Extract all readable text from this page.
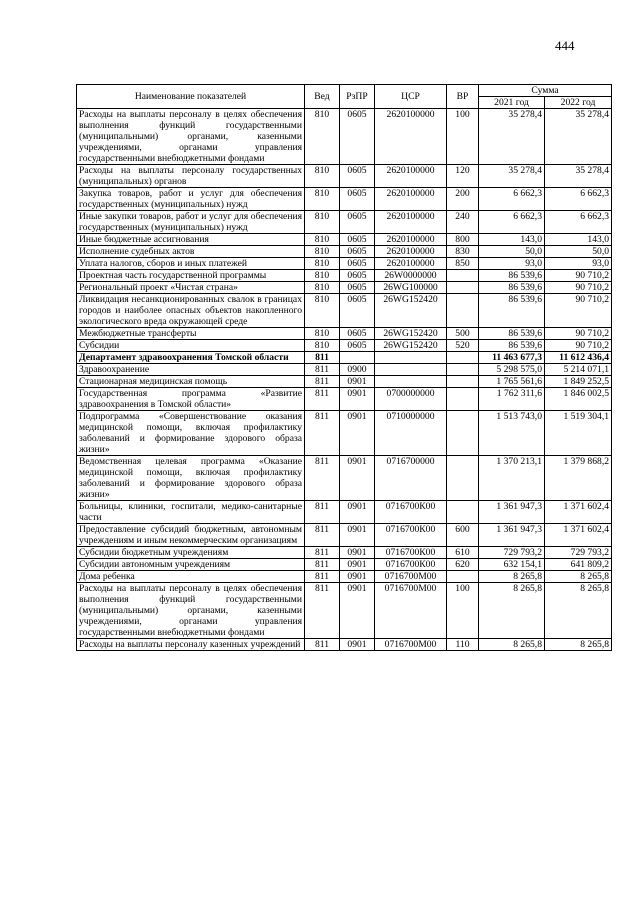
444
Наименование показателей	Вед	РзПР	ЦСР	ВР	Сумма	
					2021 год	2022 год
Расходы на выплаты персоналу в целях обеспечения выполнения функций государственными (муниципальными) органами, казенными учреждениями, органами управления государственными внебюджетными фондами	810	0605	2620100000	100	35 278,4	35 278,4
Расходы на выплаты персоналу государственных (муниципальных) органов	810	0605	2620100000	120	35 278,4	35 278,4
Закупка товаров, работ и услуг для обеспечения государственных (муниципальных) нужд	810	0605	2620100000	200	6 662,3	6 662,3
Иные закупки товаров, работ и услуг для обеспечения государственных (муниципальных) нужд	810	0605	2620100000	240	6 662,3	6 662,3
Иные бюджетные ассигнования	810	0605	2620100000	800	143,0	143,0
Исполнение судебных актов	810	0605	2620100000	830	50,0	50,0
Уплата налогов, сборов и иных платежей	810	0605	2620100000	850	93,0	93,0
Проектная часть государственной программы	810	0605	26W0000000		86 539,6	90 710,2
Региональный проект «Чистая страна»	810	0605	26WG100000		86 539,6	90 710,2
Ликвидация несанкционированных свалок в границах городов и наиболее опасных объектов накопленного экологического вреда окружающей среде	810	0605	26WG152420		86 539,6	90 710,2
Межбюджетные трансферты	810	0605	26WG152420	500	86 539,6	90 710,2
Субсидии	810	0605	26WG152420	520	86 539,6	90 710,2
Департамент здравоохранения Томской области	811				11 463 677,3	11 612 436,4
Здравоохранение	811	0900			5 298 575,0	5 214 071,1
Стационарная медицинская помощь	811	0901			1 765 561,6	1 849 252,5
Государственная программа «Развитие здравоохранения в Томской области»	811	0901	0700000000		1 762 311,6	1 846 002,5
Подпрограмма «Совершенствование оказания медицинской помощи, включая профилактику заболеваний и формирование здорового образа жизни»	811	0901	0710000000		1 513 743,0	1 519 304,1
Ведомственная целевая программа «Оказание медицинской помощи, включая профилактику заболеваний и формирование здорового образа жизни»	811	0901	0716700000		1 370 213,1	1 379 868,2
Больницы, клиники, госпитали, медико-санитарные части	811	0901	0716700К00		1 361 947,3	1 371 602,4
Предоставление субсидий бюджетным, автономным учреждениям и иным некоммерческим организациям	811	0901	0716700К00	600	1 361 947,3	1 371 602,4
Субсидии бюджетным учреждениям	811	0901	0716700К00	610	729 793,2	729 793,2
Субсидии автономным учреждениям	811	0901	0716700К00	620	632 154,1	641 809,2
Дома ребенка	811	0901	0716700М00		8 265,8	8 265,8
Расходы на выплаты персоналу в целях обеспечения выполнения функций государственными (муниципальными) органами, казенными учреждениями, органами управления государственными внебюджетными фондами	811	0901	0716700М00	100	8 265,8	8 265,8
Расходы на выплаты персоналу казенных учреждений	811	0901	0716700М00	110	8 265,8	8 265,8
